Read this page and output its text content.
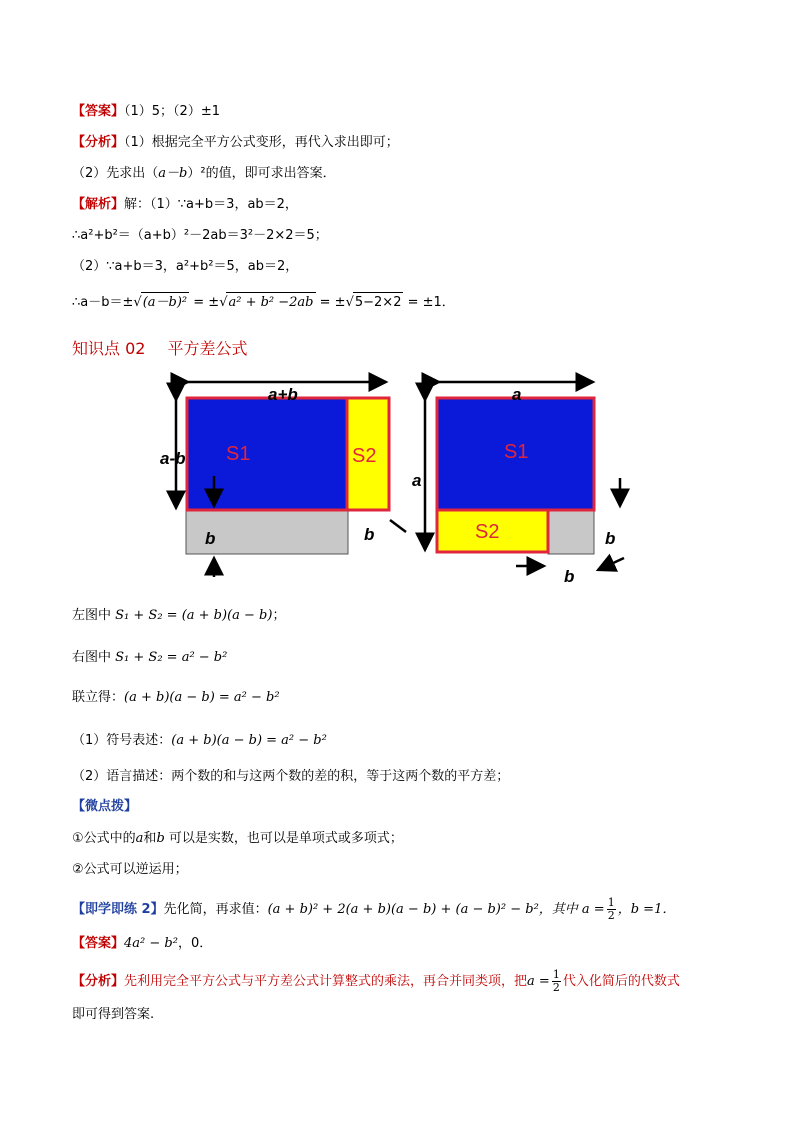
【答案】（1）5；（2）±1
【分析】（1）根据完全平方公式变形，再代入求出即可；
（2）先求出（a－b）²的值，即可求出答案．
【解析】解：（1）∵a+b＝3，ab＝2，
∴a²+b²＝（a+b）²－2ab＝3²－2×2＝5；
（2）∵a+b＝3，a²+b²＝5，ab＝2，
∴a－b＝±√(a－b)² = ±√a² + b² −2ab = ±√5−2×2 = ±1．
知识点 02 平方差公式
a+b
a-b S1	S2
b	b
a
a
S1
S2	b
b
左图中 S₁ + S₂ = (a + b)(a − b)；
右图中 S₁ + S₂ = a² − b²
联立得：(a + b)(a − b) = a² − b²
（1）符号表述：(a + b)(a − b) = a² − b²
（2）语言描述：两个数的和与这两个数的差的积，等于这两个数的平方差；
【微点拨】
①公式中的a和b 可以是实数，也可以是单项式或多项式；
②公式可以逆运用；
【即学即练 2】先化简，再求值：(a + b)² + 2(a + b)(a − b) + (a − b)² − b²，其中 $a = \frac{1}{2}$ ，b =1．
【答案】4a² − b²，0．
【分析】先利用完全平方公式与平方差公式计算整式的乘法，再合并同类项，把$a = \frac{1}{2}$ 代入化简后的代数式
即可得到答案.
